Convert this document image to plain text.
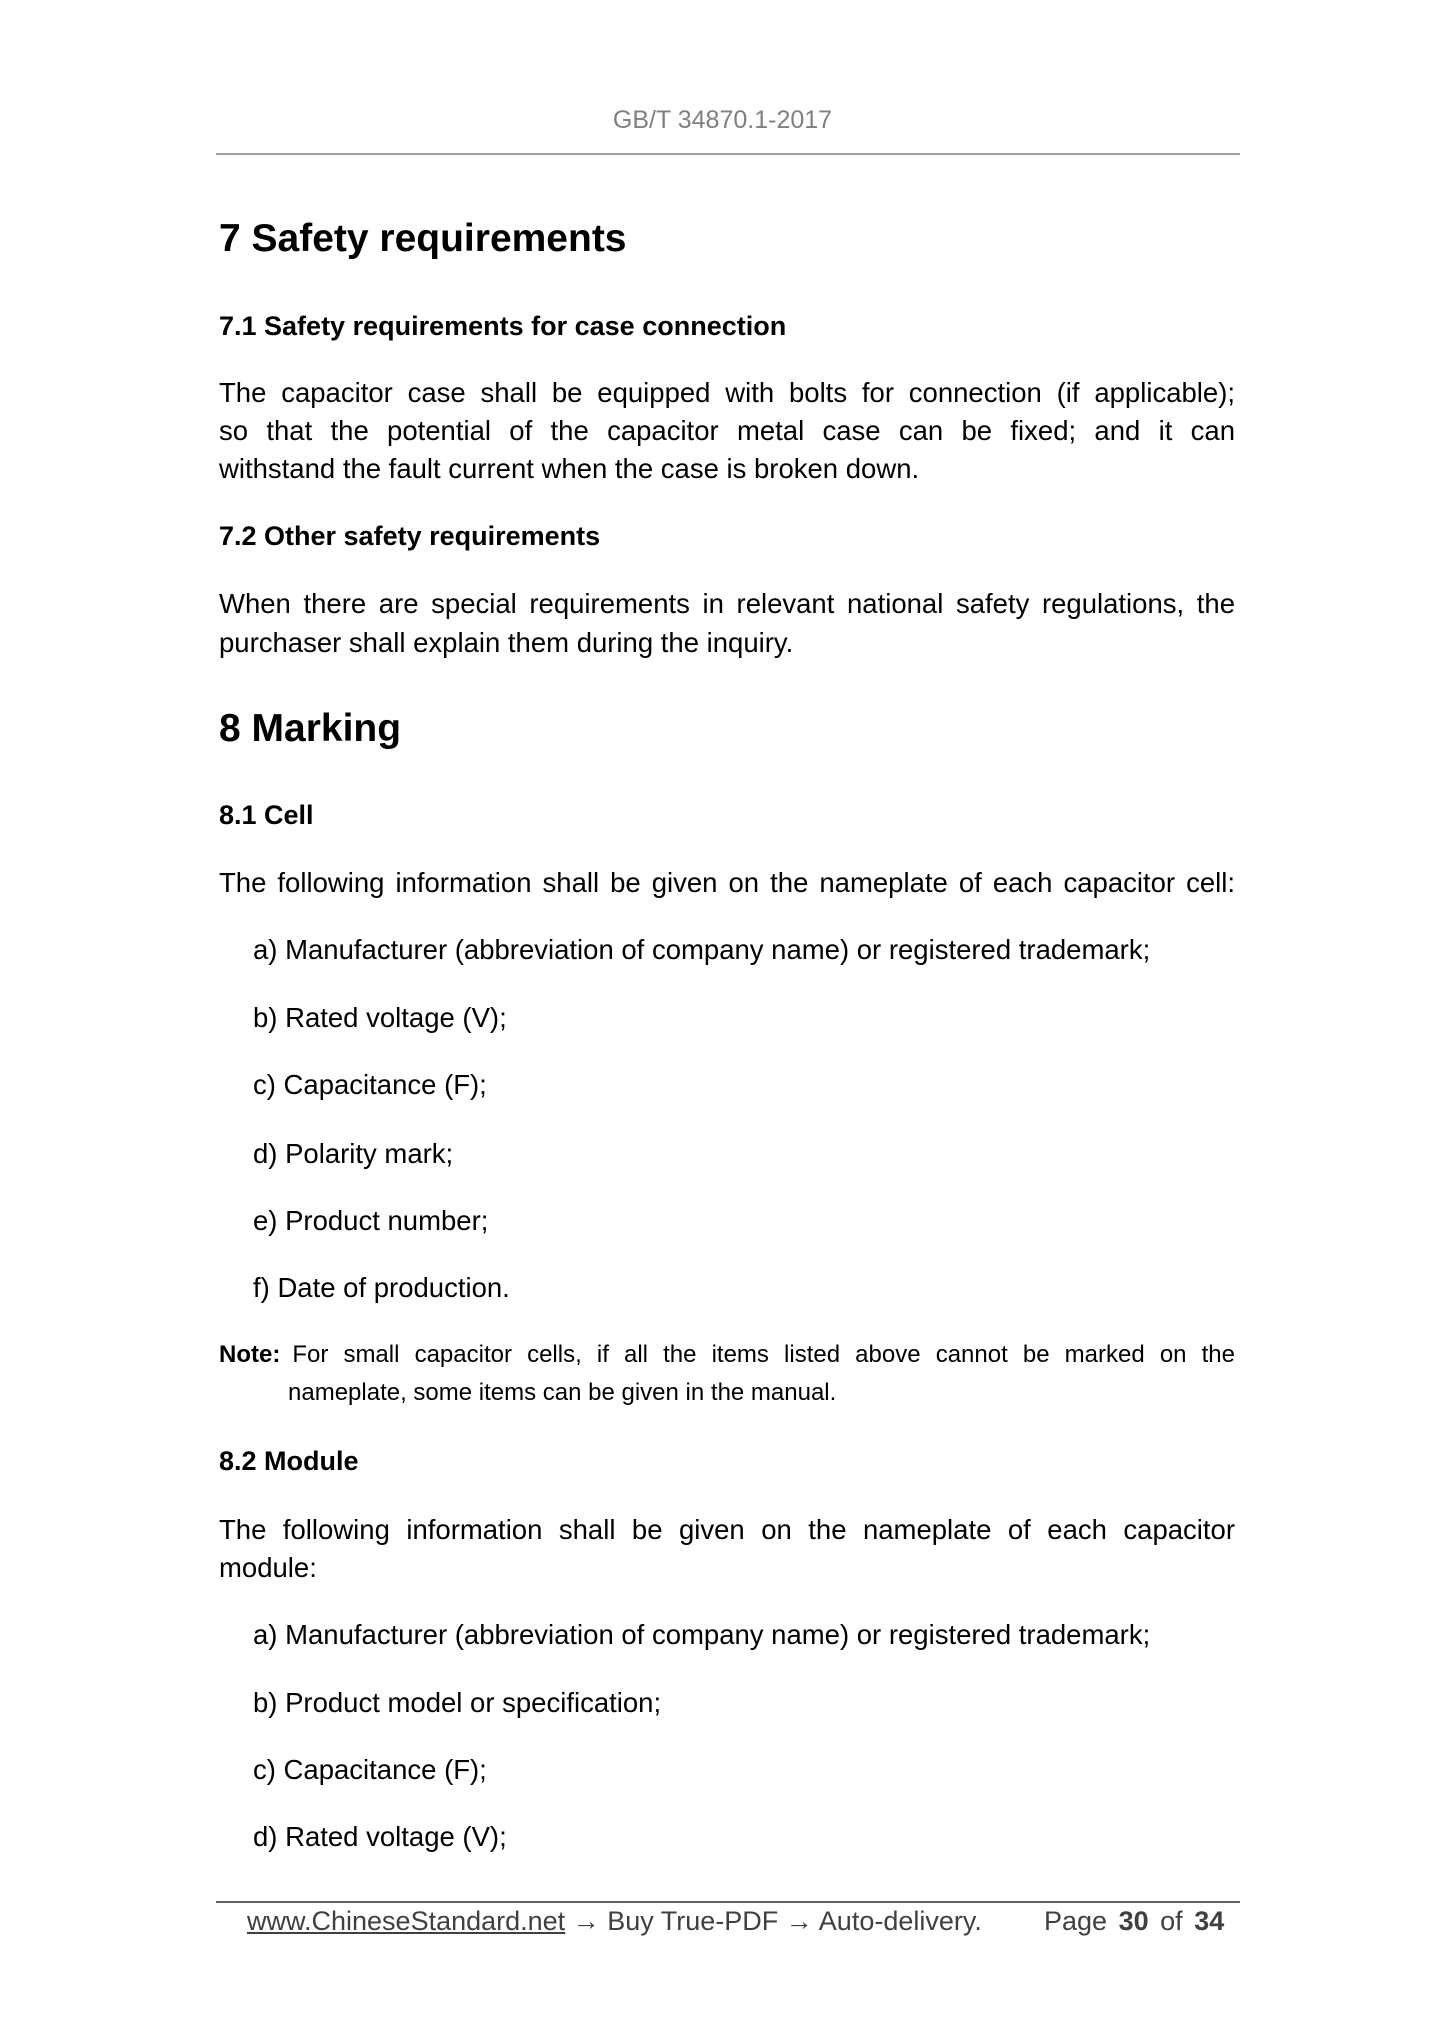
GB/T 34870.1-2017
7 Safety requirements
7.1 Safety requirements for case connection
The capacitor case shall be equipped with bolts for connection (if applicable);
so that the potential of the capacitor metal case can be fixed; and it can
withstand the fault current when the case is broken down.
7.2 Other safety requirements
When there are special requirements in relevant national safety regulations, the
purchaser shall explain them during the inquiry.
8 Marking
8.1 Cell
The following information shall be given on the nameplate of each capacitor cell:
a) Manufacturer (abbreviation of company name) or registered trademark;
b) Rated voltage (V);
c) Capacitance (F);
d) Polarity mark;
e) Product number;
f) Date of production.
Note: For small capacitor cells, if all the items listed above cannot be marked on the
nameplate, some items can be given in the manual.
8.2 Module
The following information shall be given on the nameplate of each capacitor
module:
a) Manufacturer (abbreviation of company name) or registered trademark;
b) Product model or specification;
c) Capacitance (F);
d) Rated voltage (V);
www.ChineseStandard.net → Buy True-PDF → Auto-delivery. Page 30 of 34
